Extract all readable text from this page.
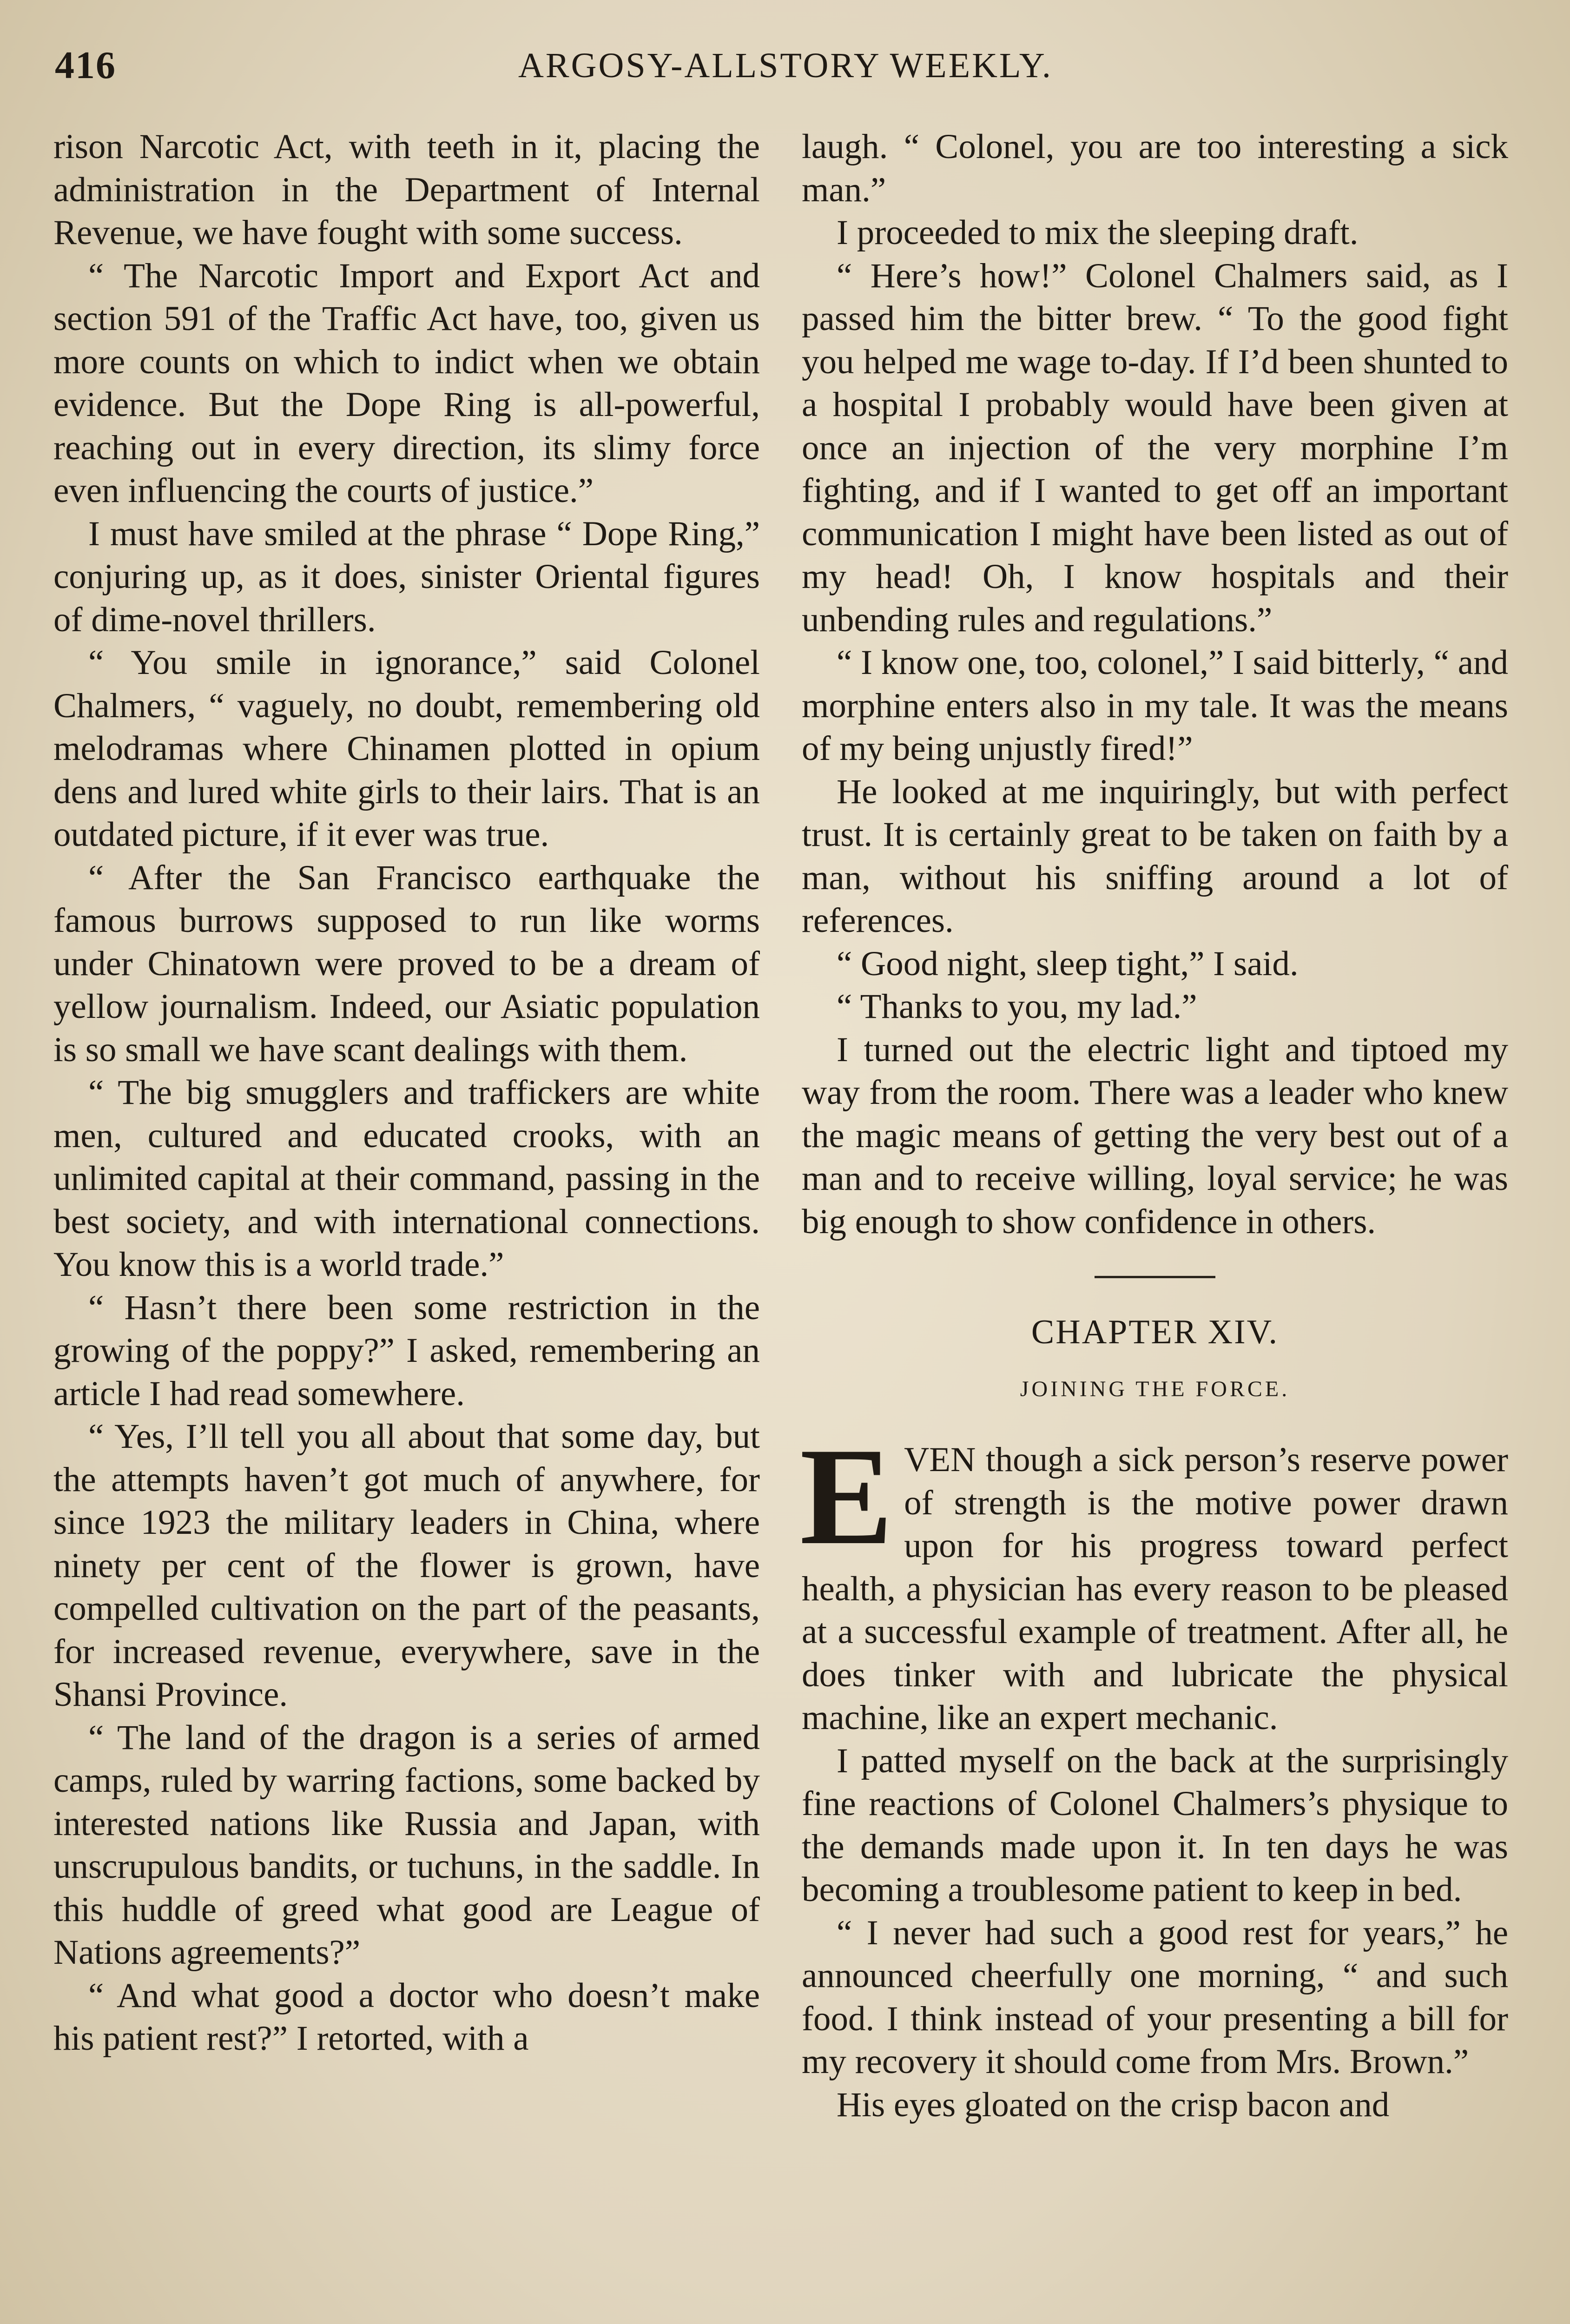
416	ARGOSY-ALLSTORY WEEKLY.

rison Narcotic Act, with teeth in it, placing the administration in the Department of Internal Revenue, we have fought with some success.

“ The Narcotic Import and Export Act and section 591 of the Traffic Act have, too, given us more counts on which to indict when we obtain evidence. But the Dope Ring is all-powerful, reaching out in every direction, its slimy force even influencing the courts of justice.”

I must have smiled at the phrase “ Dope Ring,” conjuring up, as it does, sinister Oriental figures of dime-novel thrillers.

“ You smile in ignorance,” said Colonel Chalmers, “ vaguely, no doubt, remembering old melodramas where Chinamen plotted in opium dens and lured white girls to their lairs. That is an outdated picture, if it ever was true.

“ After the San Francisco earthquake the famous burrows supposed to run like worms under Chinatown were proved to be a dream of yellow journalism. Indeed, our Asiatic population is so small we have scant dealings with them.

“ The big smugglers and traffickers are white men, cultured and educated crooks, with an unlimited capital at their command, passing in the best society, and with international connections. You know this is a world trade.”

“ Hasn’t there been some restriction in the growing of the poppy?” I asked, remembering an article I had read somewhere.

“ Yes, I’ll tell you all about that some day, but the attempts haven’t got much of anywhere, for since 1923 the military leaders in China, where ninety per cent of the flower is grown, have compelled cultivation on the part of the peasants, for increased revenue, everywhere, save in the Shansi Province.

“ The land of the dragon is a series of armed camps, ruled by warring factions, some backed by interested nations like Russia and Japan, with unscrupulous bandits, or tuchuns, in the saddle. In this huddle of greed what good are League of Nations agreements?”

“ And what good a doctor who doesn’t make his patient rest?” I retorted, with a

laugh. “ Colonel, you are too interesting a sick man.”

I proceeded to mix the sleeping draft.

“ Here’s how!” Colonel Chalmers said, as I passed him the bitter brew. “ To the good fight you helped me wage to-day. If I’d been shunted to a hospital I probably would have been given at once an injection of the very morphine I’m fighting, and if I wanted to get off an important communication I might have been listed as out of my head! Oh, I know hospitals and their unbending rules and regulations.”

“ I know one, too, colonel,” I said bitterly, “ and morphine enters also in my tale. It was the means of my being unjustly fired!”

He looked at me inquiringly, but with perfect trust. It is certainly great to be taken on faith by a man, without his sniffing around a lot of references.

“ Good night, sleep tight,” I said.

“ Thanks to you, my lad.”

I turned out the electric light and tiptoed my way from the room. There was a leader who knew the magic means of getting the very best out of a man and to receive willing, loyal service; he was big enough to show confidence in others.

CHAPTER XIV.
JOINING THE FORCE.

EVEN though a sick person’s reserve power of strength is the motive power drawn upon for his progress toward perfect health, a physician has every reason to be pleased at a successful example of treatment. After all, he does tinker with and lubricate the physical machine, like an expert mechanic.

I patted myself on the back at the surprisingly fine reactions of Colonel Chalmers’s physique to the demands made upon it. In ten days he was becoming a troublesome patient to keep in bed.

“ I never had such a good rest for years,” he announced cheerfully one morning, “ and such food. I think instead of your presenting a bill for my recovery it should come from Mrs. Brown.”

His eyes gloated on the crisp bacon and
